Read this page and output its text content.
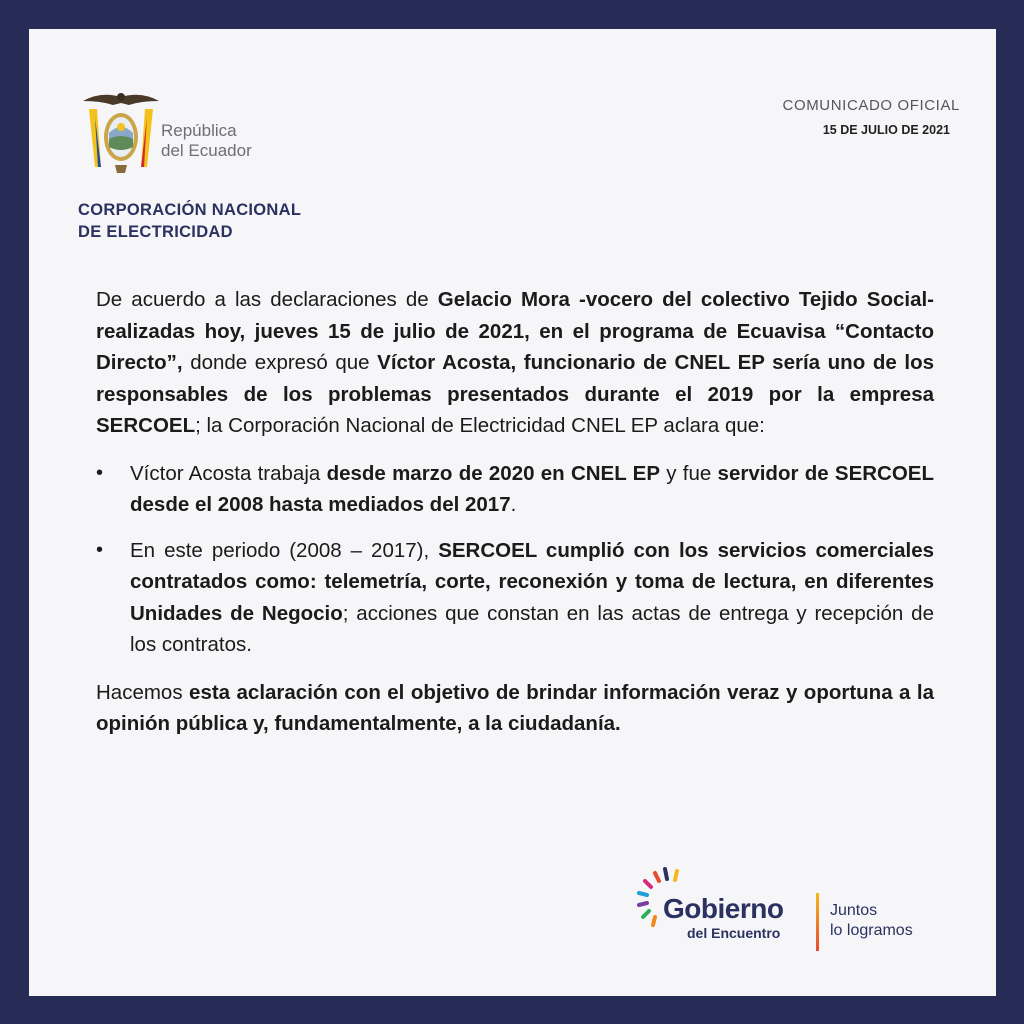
República
del Ecuador
CORPORACIÓN NACIONAL
DE ELECTRICIDAD
COMUNICADO OFICIAL
15 DE JULIO DE 2021

De acuerdo a las declaraciones de Gelacio Mora -vocero del colectivo Tejido Social- realizadas hoy, jueves 15 de julio de 2021, en el programa de Ecuavisa “Contacto Directo”, donde expresó que Víctor Acosta, funcionario de CNEL EP sería uno de los responsables de los problemas presentados durante el 2019 por la empresa SERCOEL; la Corporación Nacional de Electricidad CNEL EP aclara que:

• Víctor Acosta trabaja desde marzo de 2020 en CNEL EP y fue servidor de SERCOEL desde el 2008 hasta mediados del 2017.
• En este periodo (2008 – 2017), SERCOEL cumplió con los servicios comerciales contratados como: telemetría, corte, reconexión y toma de lectura, en diferentes Unidades de Negocio; acciones que constan en las actas de entrega y recepción de los contratos.

Hacemos esta aclaración con el objetivo de brindar información veraz y oportuna a la opinión pública y, fundamentalmente, a la ciudadanía.

Gobierno
del Encuentro
Juntos
lo logramos
